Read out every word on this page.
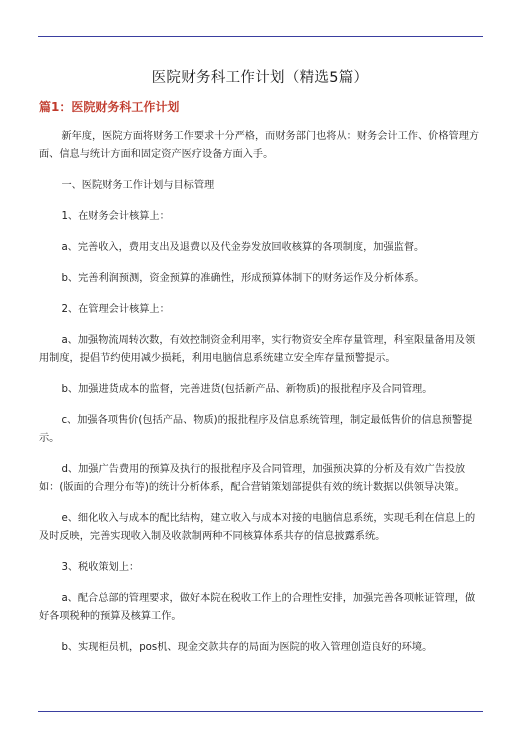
医院财务科工作计划（精选5篇）
篇1：医院财务科工作计划

新年度，医院方面将财务工作要求十分严格，而财务部门也将从：财务会计工作、价格管理方面、信息与统计方面和固定资产医疗设备方面入手。

一、医院财务工作计划与目标管理

1、在财务会计核算上：

a、完善收入，费用支出及退费以及代金券发放回收核算的各项制度，加强监督。

b、完善利润预测，资金预算的准确性，形成预算体制下的财务运作及分析体系。

2、在管理会计核算上：

a、加强物流周转次数，有效控制资金利用率，实行物资安全库存量管理，科室限量备用及领用制度，提倡节约使用减少损耗，利用电脑信息系统建立安全库存量预警提示。

b、加强进货成本的监督，完善进货(包括新产品、新物质)的报批程序及合同管理。

c、加强各项售价(包括产品、物质)的报批程序及信息系统管理，制定最低售价的信息预警提示。

d、加强广告费用的预算及执行的报批程序及合同管理，加强预决算的分析及有效广告投放如：(版面的合理分布等)的统计分析体系，配合营销策划部提供有效的统计数据以供领导决策。

e、细化收入与成本的配比结构，建立收入与成本对接的电脑信息系统，实现毛利在信息上的及时反映，完善实现收入制及收款制两种不同核算体系共存的信息披露系统。

3、税收策划上：

a、配合总部的管理要求，做好本院在税收工作上的合理性安排，加强完善各项帐证管理，做好各项税种的预算及核算工作。

b、实现柜员机，pos机、现金交款共存的局面为医院的收入管理创造良好的环境。
